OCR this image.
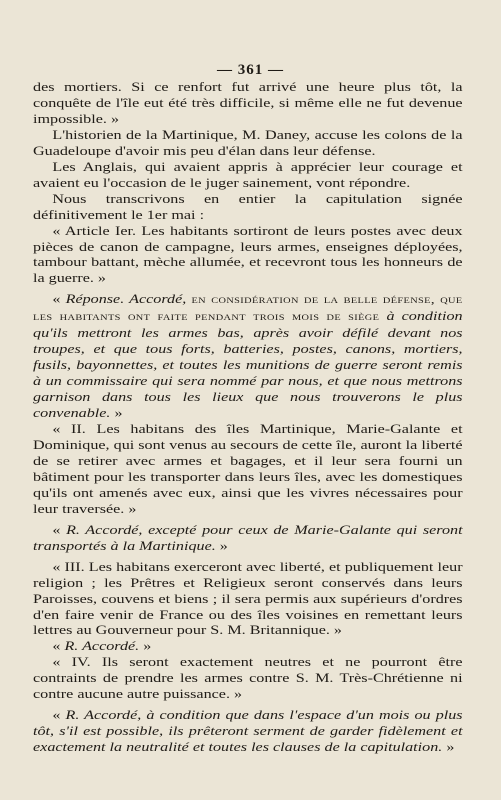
— 361 —

des mortiers. Si ce renfort fut arrivé une heure plus tôt, la conquête de l'île eut été très difficile, si même elle ne fut devenue impossible. »

L'historien de la Martinique, M. Daney, accuse les colons de la Guadeloupe d'avoir mis peu d'élan dans leur défense.

Les Anglais, qui avaient appris à apprécier leur courage et avaient eu l'occasion de le juger sainement, vont répondre.

Nous transcrivons en entier la capitulation signée définitivement le 1er mai :

« Article Ier. Les habitants sortiront de leurs postes avec deux pièces de canon de campagne, leurs armes, enseignes déployées, tambour battant, mèche allumée, et recevront tous les honneurs de la guerre. »

« Réponse. Accordé, en considération de la belle défense, que les habitants ont faite pendant trois mois de siège à condition qu'ils mettront les armes bas, après avoir défilé devant nos troupes, et que tous forts, batteries, postes, canons, mortiers, fusils, bayonnettes, et toutes les munitions de guerre seront remis à un commissaire qui sera nommé par nous, et que nous mettrons garnison dans tous les lieux que nous trouverons le plus convenable. »

« II. Les habitans des îles Martinique, Marie-Galante et Dominique, qui sont venus au secours de cette île, auront la liberté de se retirer avec armes et bagages, et il leur sera fourni un bâtiment pour les transporter dans leurs îles, avec les domestiques qu'ils ont amenés avec eux, ainsi que les vivres nécessaires pour leur traversée. »

« R. Accordé, excepté pour ceux de Marie-Galante qui seront transportés à la Martinique. »

« III. Les habitans exerceront avec liberté, et publiquement leur religion ; les Prêtres et Religieux seront conservés dans leurs Paroisses, couvens et biens ; il sera permis aux supérieurs d'ordres d'en faire venir de France ou des îles voisines en remettant leurs lettres au Gouverneur pour S. M. Britannique. »

« R. Accordé. »

« IV. Ils seront exactement neutres et ne pourront être contraints de prendre les armes contre S. M. Très-Chrétienne ni contre aucune autre puissance. »

« R. Accordé, à condition que dans l'espace d'un mois ou plus tôt, s'il est possible, ils prêteront serment de garder fidèlement et exactement la neutralité et toutes les clauses de la capitulation. »
